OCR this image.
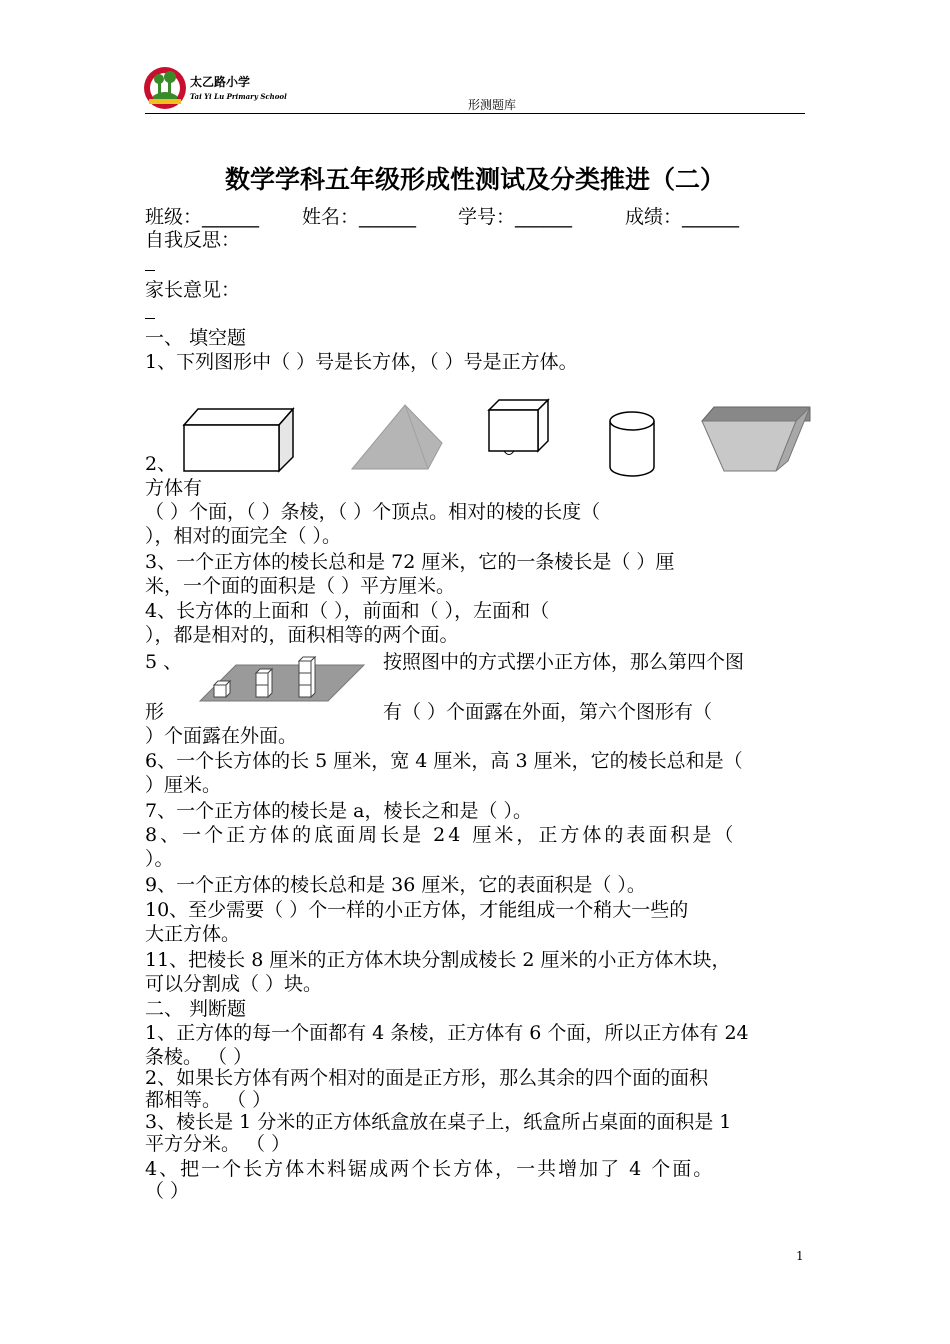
太乙路小学
Tai Yi Lu Primary School
形测题库
数学学科五年级形成性测试及分类推进（二）
班级：______ 姓名：______ 学号：______	成绩：______
自我反思：
家长意见：
一、 填空题
1、下列图形中（ ）号是长方体，（ ）号是正方体。
2、
方体有
（ ）个面，（ ）条棱，（ ）个顶点。相对的棱的长度（
），相对的面完全（ ）。
3、一个正方体的棱长总和是 72 厘米，它的一条棱长是（ ）厘
米，一个面的面积是（ ）平方厘米。
4、长方体的上面和（ ），前面和（ ），左面和（
），都是相对的，面积相等的两个面。
5 、	按照图中的方式摆小正方体，那么第四个图
形	有（ ）个面露在外面，第六个图形有（
）个面露在外面。
6、一个长方体的长 5 厘米，宽 4 厘米，高 3 厘米，它的棱长总和是（
）厘米。
7、一个正方体的棱长是 a，棱长之和是（ ）。
8、一个正方体的底面周长是 24 厘米，正方体的表面积是（
）。
9、一个正方体的棱长总和是 36 厘米，它的表面积是（ ）。
10、至少需要（ ）个一样的小正方体，才能组成一个稍大一些的
大正方体。
11、把棱长 8 厘米的正方体木块分割成棱长 2 厘米的小正方体木块，
可以分割成（ ）块。
二、 判断题
1、正方体的每一个面都有 4 条棱，正方体有 6 个面，所以正方体有 24
条棱。 （ ）
2、如果长方体有两个相对的面是正方形，那么其余的四个面的面积
都相等。 （ ）
3、棱长是 1 分米的正方体纸盒放在桌子上，纸盒所占桌面的面积是 1
平方分米。 （ ）
4、把一个长方体木料锯成两个长方体，一共增加了 4 个面。
（ ）
1
